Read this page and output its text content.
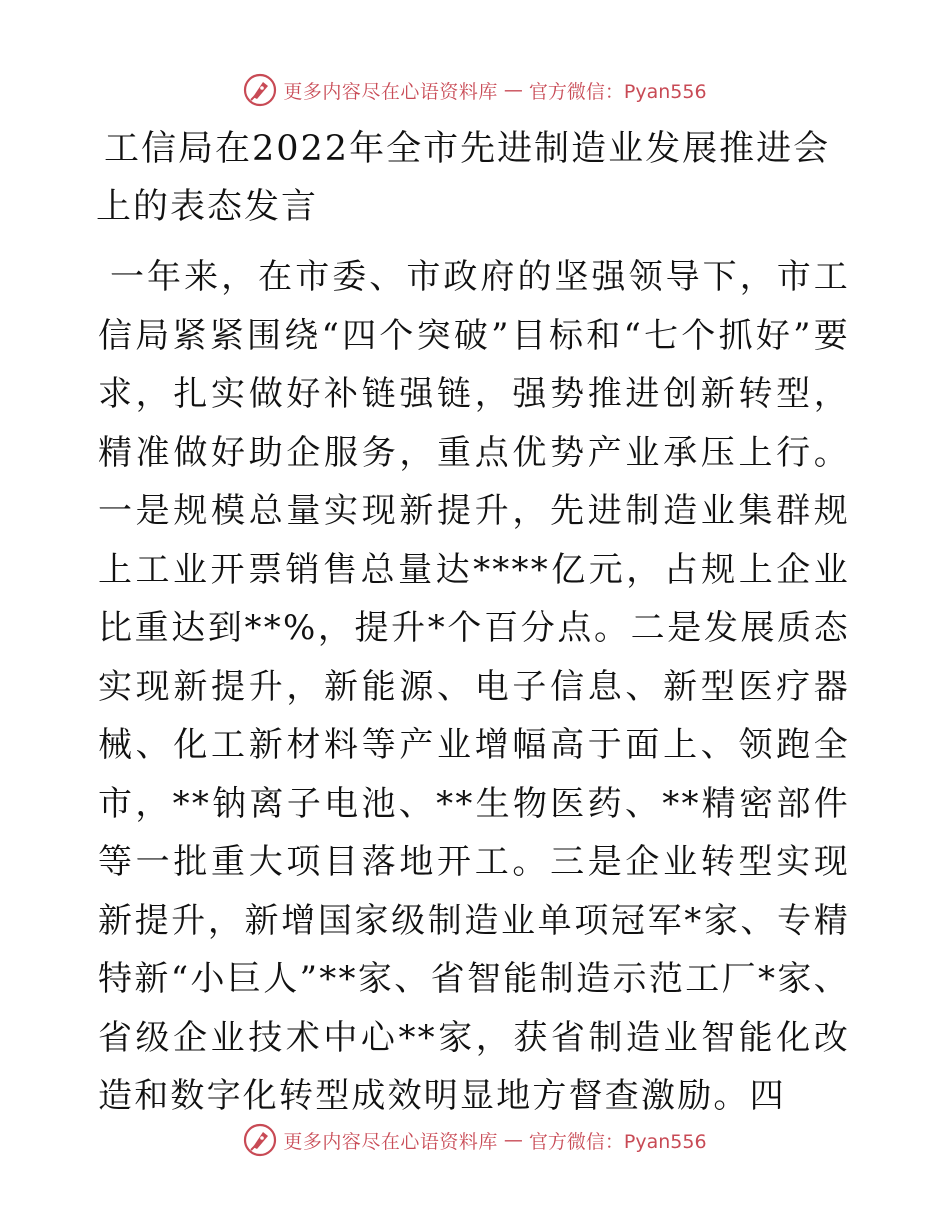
更多内容尽在心语资料库 — 官方微信：Pyan556
工信局在2022年全市先进制造业发展推进会上的表态发言

一年来，在市委、市政府的坚强领导下，市工信局紧紧围绕“四个突破”目标和“七个抓好”要求，扎实做好补链强链，强势推进创新转型，精准做好助企服务，重点优势产业承压上行。一是规模总量实现新提升，先进制造业集群规上工业开票销售总量达****亿元，占规上企业比重达到**%，提升*个百分点。二是发展质态实现新提升，新能源、电子信息、新型医疗器械、化工新材料等产业增幅高于面上、领跑全市，**钠离子电池、**生物医药、**精密部件等一批重大项目落地开工。三是企业转型实现新提升，新增国家级制造业单项冠军*家、专精特新“小巨人”**家、省智能制造示范工厂*家、省级企业技术中心**家，获省制造业智能化改造和数字化转型成效明显地方督查激励。四

更多内容尽在心语资料库 — 官方微信：Pyan556
